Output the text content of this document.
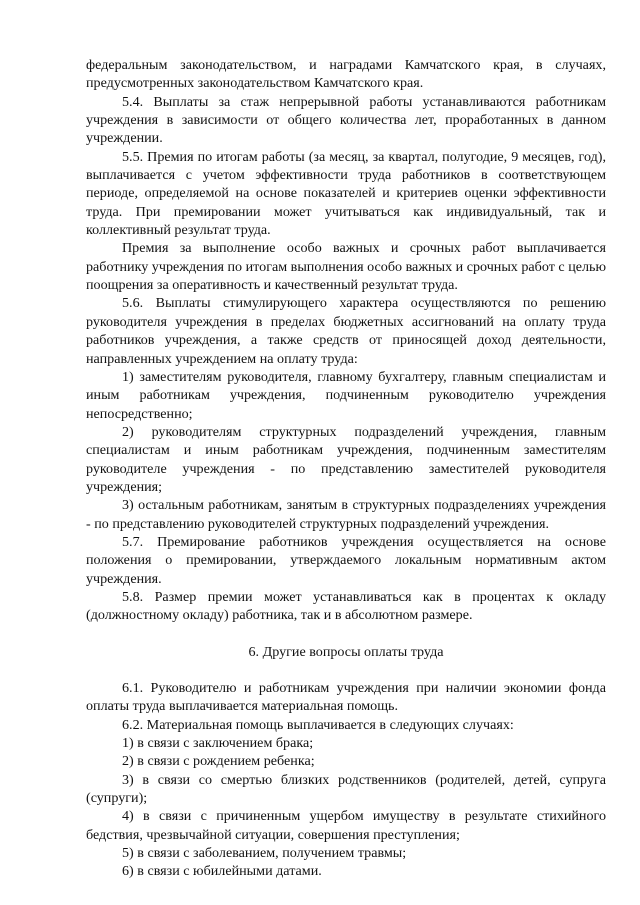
федеральным законодательством, и наградами Камчатского края, в случаях, предусмотренных законодательством Камчатского края.

5.4. Выплаты за стаж непрерывной работы устанавливаются работникам учреждения в зависимости от общего количества лет, проработанных в данном учреждении.

5.5. Премия по итогам работы (за месяц, за квартал, полугодие, 9 месяцев, год), выплачивается с учетом эффективности труда работников в соответствующем периоде, определяемой на основе показателей и критериев оценки эффективности труда. При премировании может учитываться как индивидуальный, так и коллективный результат труда.

Премия за выполнение особо важных и срочных работ выплачивается работнику учреждения по итогам выполнения особо важных и срочных работ с целью поощрения за оперативность и качественный результат труда.

5.6. Выплаты стимулирующего характера осуществляются по решению руководителя учреждения в пределах бюджетных ассигнований на оплату труда работников учреждения, а также средств от приносящей доход деятельности, направленных учреждением на оплату труда:

1) заместителям руководителя, главному бухгалтеру, главным специалистам и иным работникам учреждения, подчиненным руководителю учреждения непосредственно;

2) руководителям структурных подразделений учреждения, главным специалистам и иным работникам учреждения, подчиненным заместителям руководителе учреждения - по представлению заместителей руководителя учреждения;

3) остальным работникам, занятым в структурных подразделениях учреждения - по представлению руководителей структурных подразделений учреждения.

5.7. Премирование работников учреждения осуществляется на основе положения о премировании, утверждаемого локальным нормативным актом учреждения.

5.8. Размер премии может устанавливаться как в процентах к окладу (должностному окладу) работника, так и в абсолютном размере.

6. Другие вопросы оплаты труда

6.1. Руководителю и работникам учреждения при наличии экономии фонда оплаты труда выплачивается материальная помощь.

6.2. Материальная помощь выплачивается в следующих случаях:

1) в связи с заключением брака;

2) в связи с рождением ребенка;

3) в связи со смертью близких родственников (родителей, детей, супруга (супруги);

4) в связи с причиненным ущербом имуществу в результате стихийного бедствия, чрезвычайной ситуации, совершения преступления;

5) в связи с заболеванием, получением травмы;

6) в связи с юбилейными датами.
